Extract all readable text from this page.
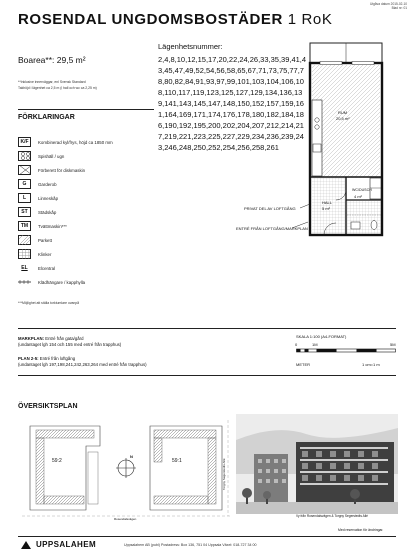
Utgåva datum 2015-02-10
Blad nr: 01
ROSENDAL UNGDOMSBOSTÄDER 1 RoK
Boarea**: 29,5 m²
**Inklusive innerväggar, enl Svensk Standard
Takhöjd i lägenhet ca 2,5 m (i hall och wc ca 2,25 m)
Lägenhetsnummer:
2,4,8,10,12,15,17,20,22,24,26,33,35,39,41,43,45,47,49,52,54,56,58,65,67,71,73,75,77,78,80,82,84,91,93,97,99,101,103,104,106,108,110,117,119,123,125,127,129,134,136,139,141,143,145,147,148,150,152,157,159,161,164,169,171,174,176,178,180,182,184,186,190,192,195,200,202,204,207,212,214,217,219,221,223,225,227,229,234,236,239,243,246,248,250,252,254,256,258,261
FÖRKLARINGAR
K/F	Kombinerad kyl/frys, höjd ca 1850 mm
Spishäll / ugn
Förberett för diskmaskin
G	Garderob
L	Linneskåp
ST	Städskåp
TM	Tvättmaskin***
Parkett
Klinker
EL	Elcentral
Klädhängare / kapphylla
***Möjlighet att ställa torktumlare ovanpå
RUM
20,5 m²
HALL
5 m²
WC/DUSCH
4 m²
PRIVAT DEL AV LOFTGÅNG
ENTRÉ FRÅN LOFTGÅNG/MARKPLAN
MARKPLAN: Entré från gata/gård
(undantaget lgh 154 och 155 med entré från trapphus)
PLAN 2-5: Entré från loftgång
(undantaget lgh 197,198,241,242,263,264 med entré från trapphus)
SKALA 1:100 (A4-FORMAT)
0	1M	5M
METER	1 cm=1 m
ÖVERSIKTSPLAN
59:2	59:1
N
Torgny Segerstedts Allé
Rosendalsvägen
Vy från Rosendalsvägen & Torgny Segerstedts Allé
Med reservation för ändringar.
UPPSALAHEM	Uppsalahem AB (publ) Postadress: Box 136, 751 04 Uppsala Växel: 018-727 34 00
